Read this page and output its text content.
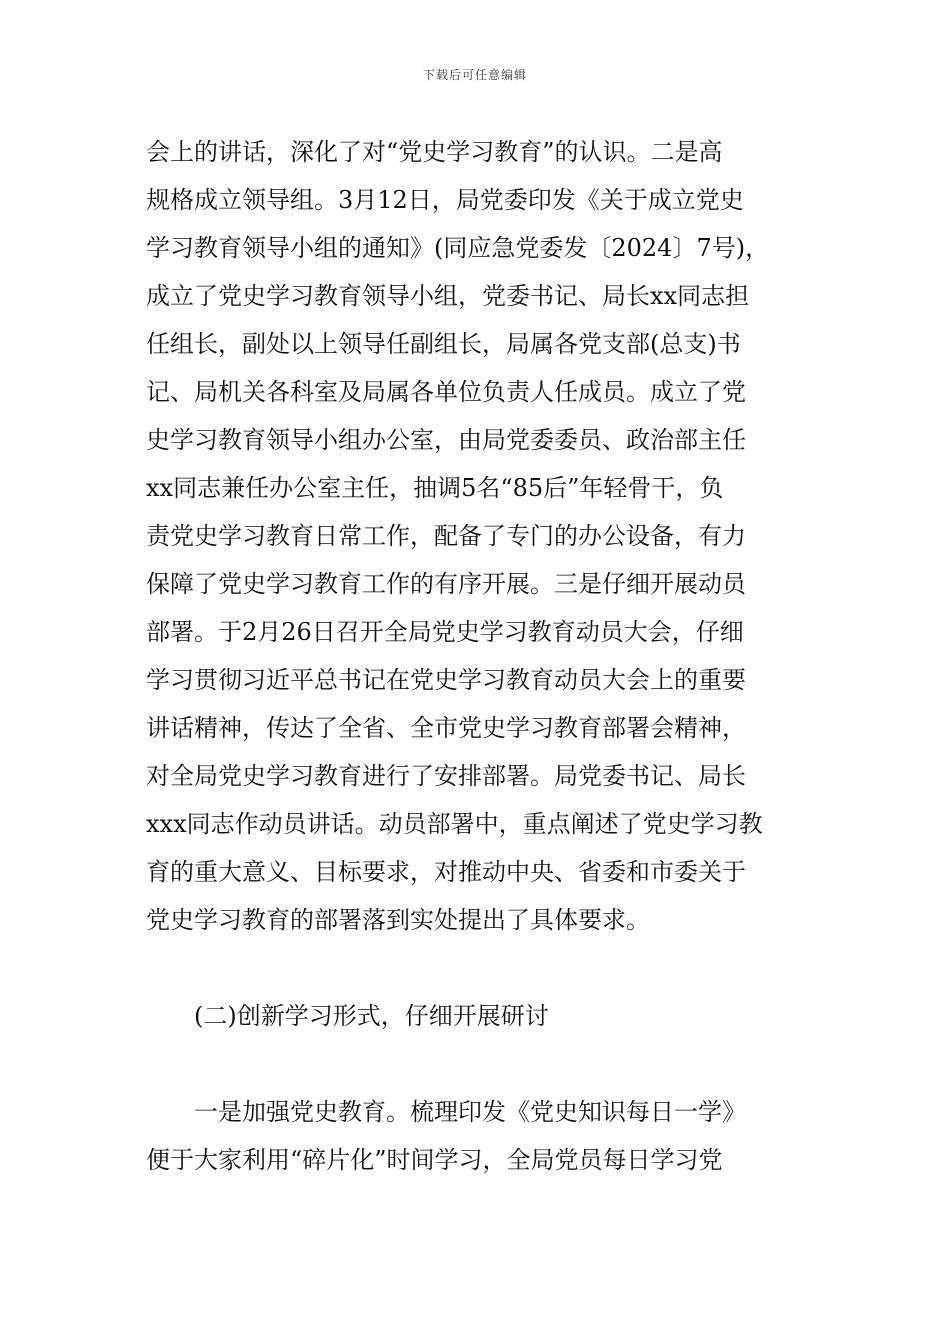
下载后可任意编辑
会上的讲话，深化了对“党史学习教育”的认识。二是高
规格成立领导组。3月12日，局党委印发《关于成立党史
学习教育领导小组的通知》(同应急党委发〔2024〕7号)，
成立了党史学习教育领导小组，党委书记、局长xx同志担
任组长，副处以上领导任副组长，局属各党支部(总支)书
记、局机关各科室及局属各单位负责人任成员。成立了党
史学习教育领导小组办公室，由局党委委员、政治部主任
xx同志兼任办公室主任，抽调5名“85后”年轻骨干，负
责党史学习教育日常工作，配备了专门的办公设备，有力
保障了党史学习教育工作的有序开展。三是仔细开展动员
部署。于2月26日召开全局党史学习教育动员大会，仔细
学习贯彻习近平总书记在党史学习教育动员大会上的重要
讲话精神，传达了全省、全市党史学习教育部署会精神，
对全局党史学习教育进行了安排部署。局党委书记、局长
xxx同志作动员讲话。动员部署中，重点阐述了党史学习教
育的重大意义、目标要求，对推动中央、省委和市委关于
党史学习教育的部署落到实处提出了具体要求。
(二)创新学习形式，仔细开展研讨
一是加强党史教育。梳理印发《党史知识每日一学》
便于大家利用“碎片化”时间学习，全局党员每日学习党
